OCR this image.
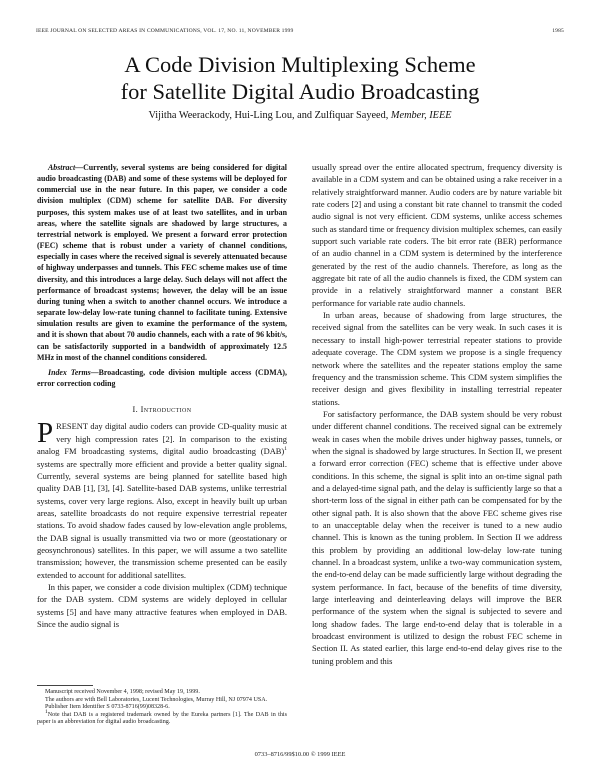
IEEE JOURNAL ON SELECTED AREAS IN COMMUNICATIONS, VOL. 17, NO. 11, NOVEMBER 1999	1985
A Code Division Multiplexing Scheme
for Satellite Digital Audio Broadcasting
Vijitha Weerackody, Hui-Ling Lou, and Zulfiquar Sayeed, Member, IEEE

Abstract—Currently, several systems are being considered for digital audio broadcasting (DAB) and some of these systems will be deployed for commercial use in the near future. In this paper, we consider a code division multiplex (CDM) scheme for satellite DAB. For diversity purposes, this system makes use of at least two satellites, and in urban areas, where the satellite signals are shadowed by large structures, a terrestrial network is employed. We present a forward error protection (FEC) scheme that is robust under a variety of channel conditions, especially in cases where the received signal is severely attenuated because of highway underpasses and tunnels. This FEC scheme makes use of time diversity, and this introduces a large delay. Such delays will not affect the performance of broadcast systems; however, the delay will be an issue during tuning when a switch to another channel occurs. We introduce a separate low-delay low-rate tuning channel to facilitate tuning. Extensive simulation results are given to examine the performance of the system, and it is shown that about 70 audio channels, each with a rate of 96 kbit/s, can be satisfactorily supported in a bandwidth of approximately 12.5 MHz in most of the channel conditions considered.

Index Terms—Broadcasting, code division multiple access (CDMA), error correction coding

I. Introduction

PRESENT day digital audio coders can provide CD-quality music at very high compression rates [2]. In comparison to the existing analog FM broadcasting systems, digital audio broadcasting (DAB)$^1$ systems are spectrally more efficient and provide a better quality signal. Currently, several systems are being planned for satellite based high quality DAB [1], [3], [4]. Satellite-based DAB systems, unlike terrestrial systems, cover very large regions. Also, except in heavily built up urban areas, satellite broadcasts do not require expensive terrestrial repeater stations. To avoid shadow fades caused by low-elevation angle problems, the DAB signal is usually transmitted via two or more (geostationary or geosynchronous) satellites. In this paper, we will assume a two satellite transmission; however, the transmission scheme presented can be easily extended to account for additional satellites.

In this paper, we consider a code division multiplex (CDM) technique for the DAB system. CDM systems are widely deployed in cellular systems [5] and have many attractive features when employed in DAB. Since the audio signal is

Manuscript received November 4, 1998; revised May 19, 1999.

The authors are with Bell Laboratories, Lucent Technologies, Murray Hill, NJ 07974 USA.

Publisher Item Identifier S 0733-8716(99)08328-6.

$^1$Note that DAB is a registered trademark owned by the Eureka partners [1]. The DAB in this paper is an abbreviation for digital audio broadcasting.

usually spread over the entire allocated spectrum, frequency diversity is available in a CDM system and can be obtained using a rake receiver in a relatively straightforward manner. Audio coders are by nature variable bit rate coders [2] and using a constant bit rate channel to transmit the coded audio signal is not very efficient. CDM systems, unlike access schemes such as standard time or frequency division multiplex schemes, can easily support such variable rate coders. The bit error rate (BER) performance of an audio channel in a CDM system is determined by the interference generated by the rest of the audio channels. Therefore, as long as the aggregate bit rate of all the audio channels is fixed, the CDM system can provide in a relatively straightforward manner a constant BER performance for variable rate audio channels.

In urban areas, because of shadowing from large structures, the received signal from the satellites can be very weak. In such cases it is necessary to install high-power terrestrial repeater stations to provide adequate coverage. The CDM system we propose is a single frequency network where the satellites and the repeater stations employ the same frequency and the transmission scheme. This CDM system simplifies the receiver design and gives flexibility in installing terrestrial repeater stations.

For satisfactory performance, the DAB system should be very robust under different channel conditions. The received signal can be extremely weak in cases when the mobile drives under highway passes, tunnels, or when the signal is shadowed by large structures. In Section II, we present a forward error correction (FEC) scheme that is effective under above conditions. In this scheme, the signal is split into an on-time signal path and a delayed-time signal path, and the delay is sufficiently large so that a short-term loss of the signal in either path can be compensated for by the other signal path. It is also shown that the above FEC scheme gives rise to an unacceptable delay when the receiver is tuned to a new audio channel. This is known as the tuning problem. In Section II we address this problem by providing an additional low-delay low-rate tuning channel. In a broadcast system, unlike a two-way communication system, the end-to-end delay can be made sufficiently large without degrading the system performance. In fact, because of the benefits of time diversity, large interleaving and deinterleaving delays will improve the BER performance of the system when the signal is subjected to severe and long shadow fades. The large end-to-end delay that is tolerable in a broadcast environment is utilized to design the robust FEC scheme in Section II. As stated earlier, this large end-to-end delay gives rise to the tuning problem and this

0733–8716/99$10.00 © 1999 IEEE
